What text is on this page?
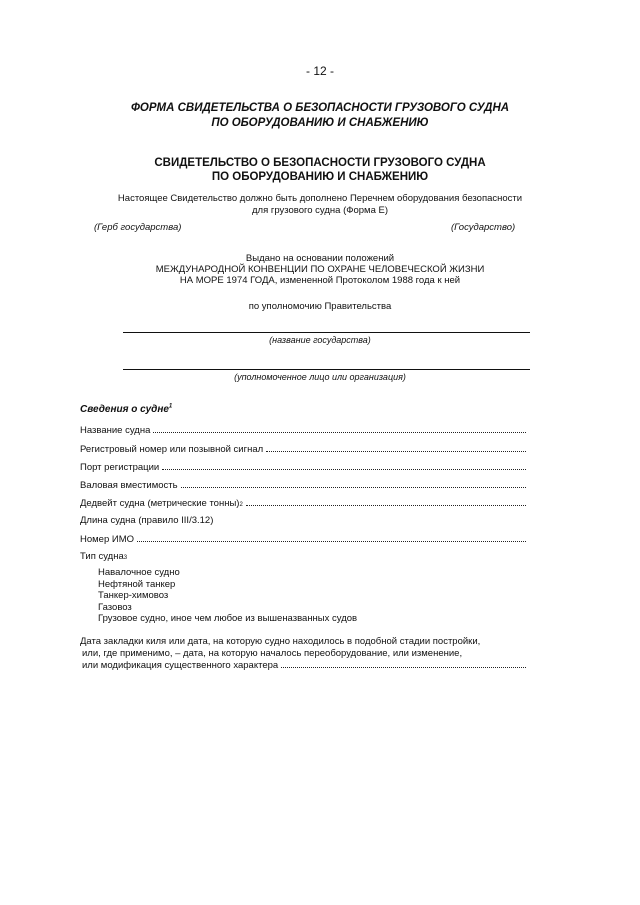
- 12 -
ФОРМА СВИДЕТЕЛЬСТВА О БЕЗОПАСНОСТИ ГРУЗОВОГО СУДНА
ПО ОБОРУДОВАНИЮ И СНАБЖЕНИЮ
СВИДЕТЕЛЬСТВО О БЕЗОПАСНОСТИ ГРУЗОВОГО СУДНА
ПО ОБОРУДОВАНИЮ И СНАБЖЕНИЮ
Настоящее Свидетельство должно быть дополнено Перечнем оборудования безопасности
для грузового судна (Форма Е)
(Герб государства)	(Государство)
Выдано на основании положений
МЕЖДУНАРОДНОЙ КОНВЕНЦИИ ПО ОХРАНЕ ЧЕЛОВЕЧЕСКОЙ ЖИЗНИ
НА МОРЕ 1974 ГОДА, измененной Протоколом 1988 года к ней
по уполномочию Правительства
(название государства)
(уполномоченное лицо или организация)
Сведения о судне$^1$
Название судна
Регистровый номер или позывной сигнал
Порт регистрации
Валовая вместимость
Дедвейт судна (метрические тонны) 2
Длина судна (правило III/3.12)
Номер ИМО
Тип судна 3
Навалочное судно
Нефтяной танкер
Танкер-химовоз
Газовоз
Грузовое судно, иное чем любое из вышеназванных судов
Дата закладки киля или дата, на которую судно находилось в подобной стадии постройки,
или, где применимо, – дата, на которую началось переоборудование, или изменение,
или модификация существенного характера
